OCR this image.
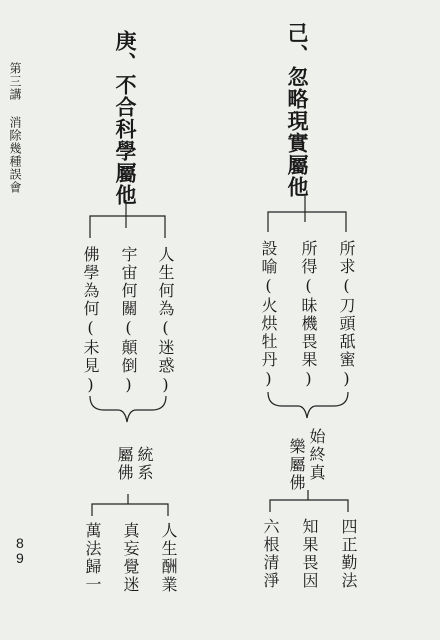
第三講 消除幾種誤會
8
9
己、忽略現實屬他
所求(刀頭舐蜜)
所得(昧機畏果)
設喻(火烘牡丹)
始終真
樂屬佛
四正勤法
知果畏因
六根清淨
庚、不合科學屬他
人生何為(迷惑)
宇宙何關(顛倒)
佛學為何(未見)
統系
屬佛
人生酬業
真妄覺迷
萬法歸一
